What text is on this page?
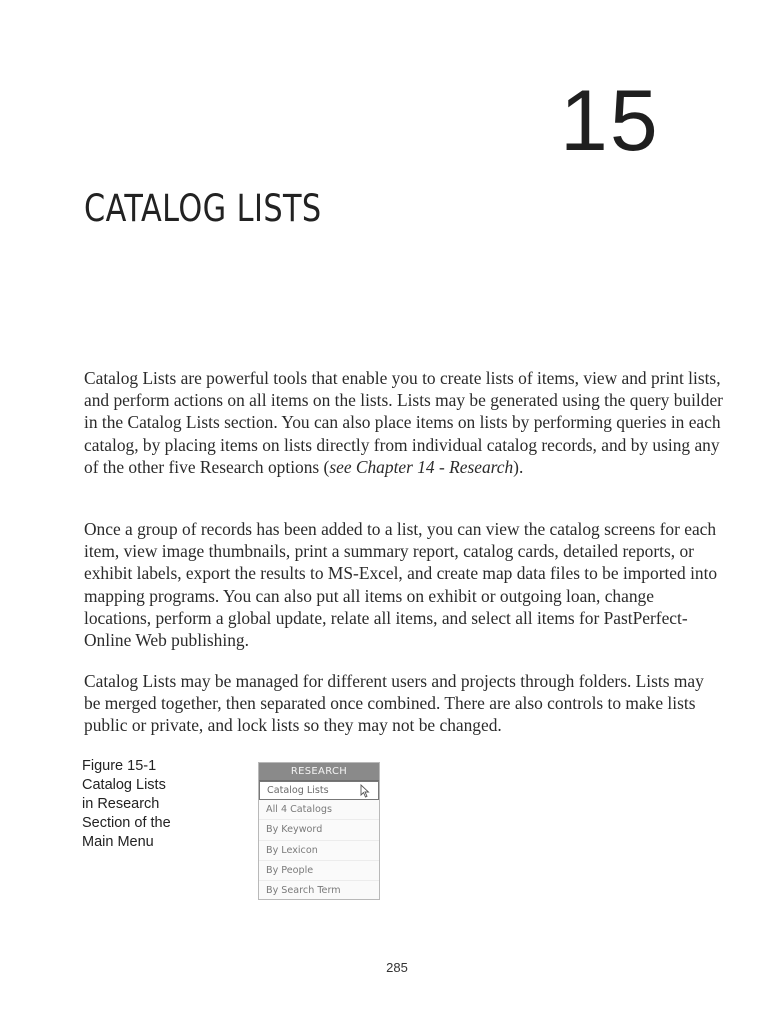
15
CATALOG LISTS

Catalog Lists are powerful tools that enable you to create lists of items, view and print lists, and perform actions on all items on the lists. Lists may be generated using the query builder in the Catalog Lists section. You can also place items on lists by performing queries in each catalog, by placing items on lists directly from individual catalog records, and by using any of the other five Research options (see Chapter 14 - Research).

Once a group of records has been added to a list, you can view the catalog screens for each item, view image thumbnails, print a summary report, catalog cards, detailed reports, or exhibit labels, export the results to MS-Excel, and create map data files to be imported into mapping programs. You can also put all items on exhibit or outgoing loan, change locations, perform a global update, relate all items, and select all items for PastPerfect-Online Web publishing.

Catalog Lists may be managed for different users and projects through folders. Lists may be merged together, then separated once combined. There are also controls to make lists public or private, and lock lists so they may not be changed.

Figure 15-1
Catalog Lists
in Research
Section of the
Main Menu
RESEARCH
Catalog Lists
All 4 Catalogs
By Keyword
By Lexicon
By People
By Search Term
285
